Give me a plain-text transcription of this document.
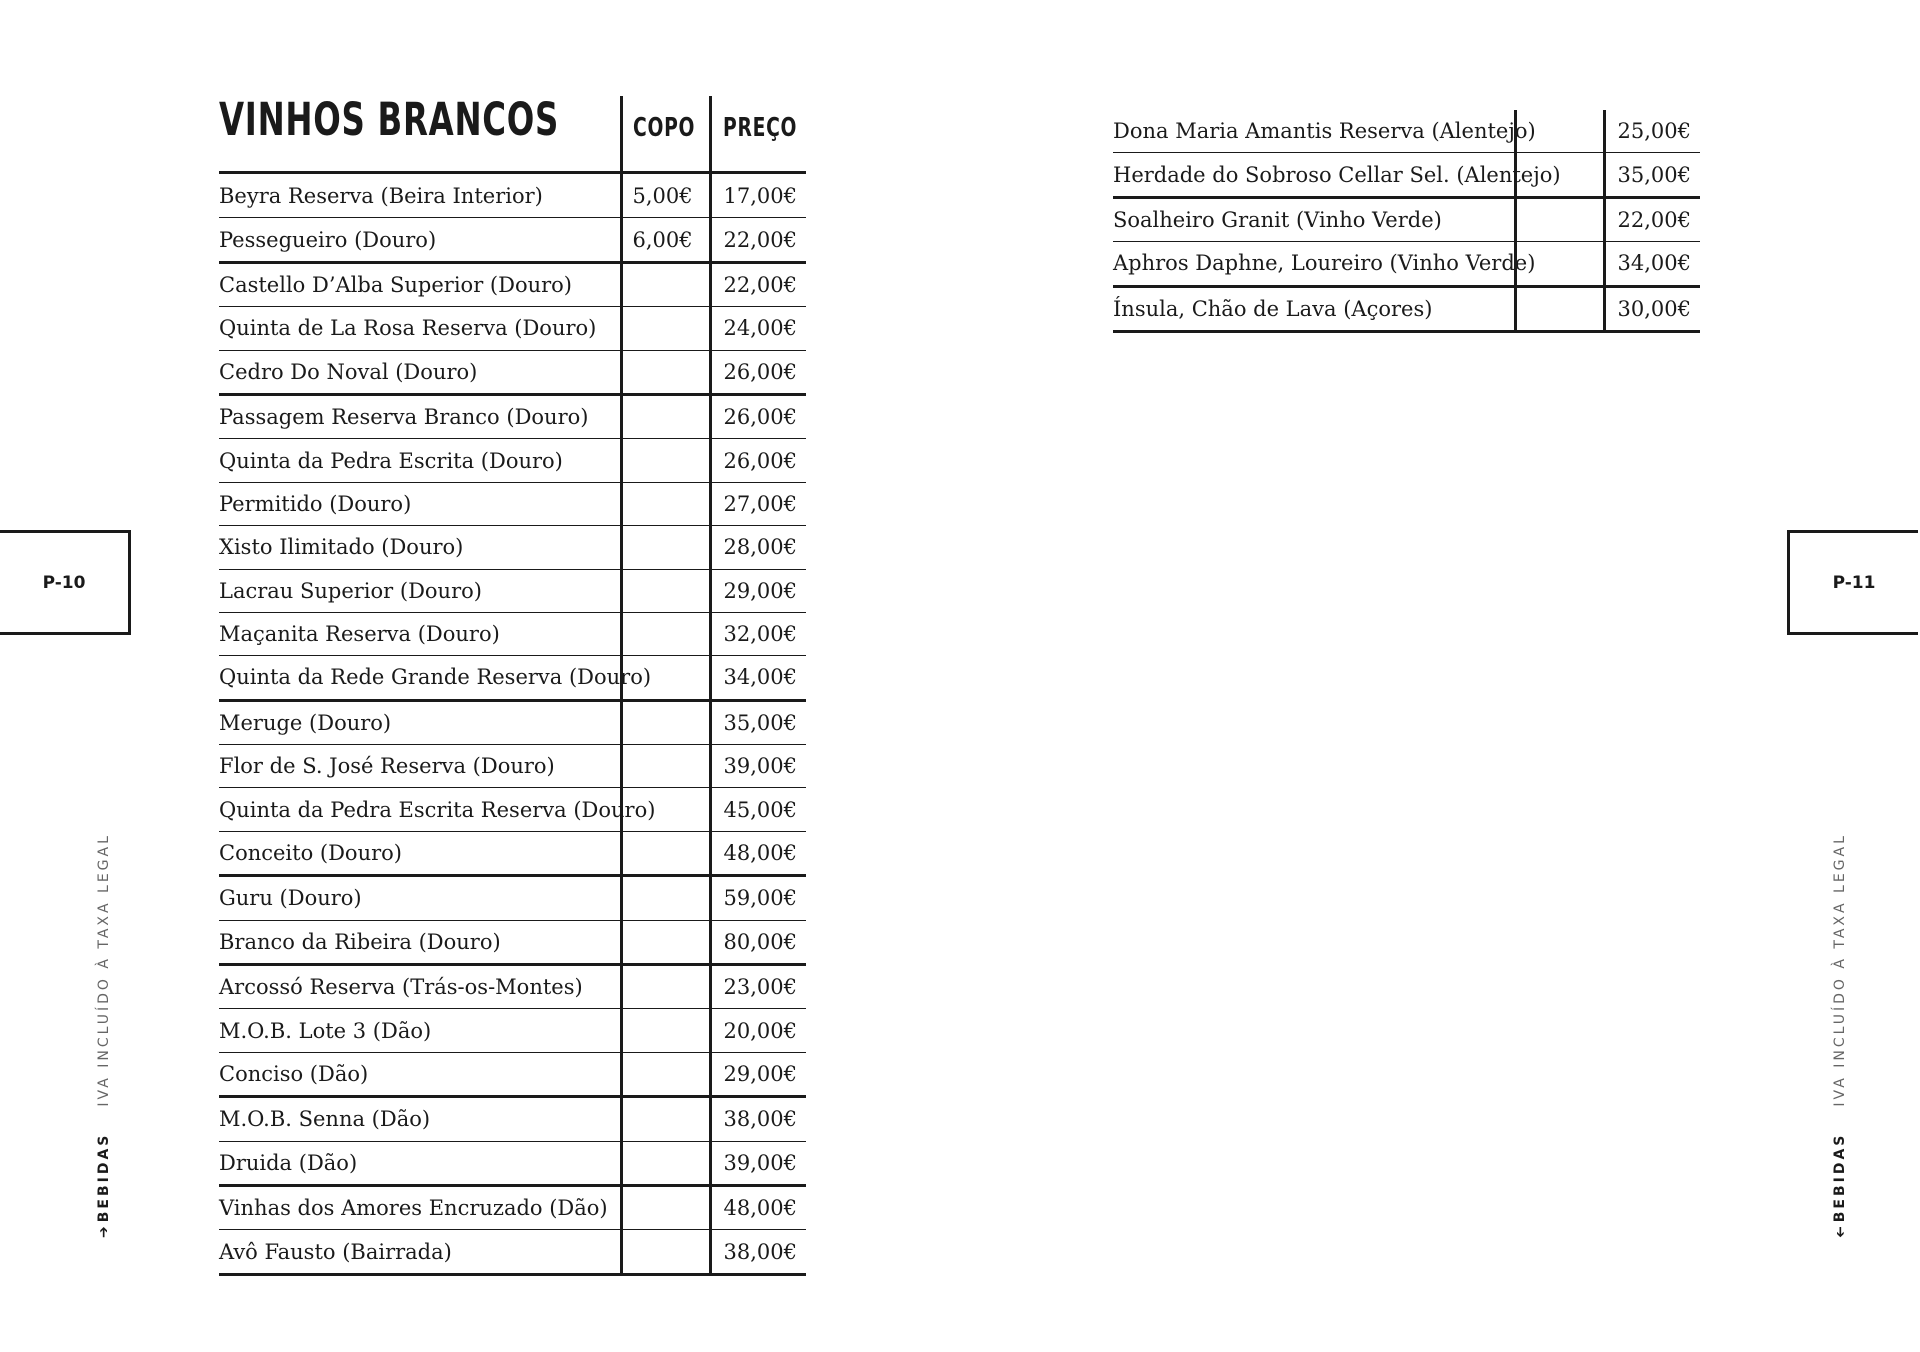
VINHOS BRANCOS	COPO PREÇO
Beyra Reserva (Beira Interior)	5,00€	17,00€
Pessegueiro (Douro)	6,00€	22,00€
Castello D’Alba Superior (Douro)		22,00€
Quinta de La Rosa Reserva (Douro)		24,00€
Cedro Do Noval (Douro)		26,00€
Passagem Reserva Branco (Douro)		26,00€
Quinta da Pedra Escrita (Douro)		26,00€
Permitido (Douro)		27,00€
Xisto Ilimitado (Douro)		28,00€
Lacrau Superior (Douro)		29,00€
Maçanita Reserva (Douro)		32,00€
Quinta da Rede Grande Reserva (Douro)		34,00€
Meruge (Douro)		35,00€
Flor de S. José Reserva (Douro)		39,00€
Quinta da Pedra Escrita Reserva (Douro)		45,00€
Conceito (Douro)		48,00€
Guru (Douro)		59,00€
Branco da Ribeira (Douro)		80,00€
Arcossó Reserva (Trás-os-Montes)		23,00€
M.O.B. Lote 3 (Dão)		20,00€
Conciso (Dão)		29,00€
M.O.B. Senna (Dão)		38,00€
Druida (Dão)		39,00€
Vinhas dos Amores Encruzado (Dão)		48,00€
Avô Fausto (Bairrada)		38,00€
P-10
➔BEBIDASIVA INCLUÍDO À TAXA LEGAL
Dona Maria Amantis Reserva (Alentejo)		25,00€
Herdade do Sobroso Cellar Sel. (Alentejo)		35,00€
Soalheiro Granit (Vinho Verde)		22,00€
Aphros Daphne, Loureiro (Vinho Verde)		34,00€
Ínsula, Chão de Lava (Açores)		30,00€
P-11
➔BEBIDASIVA INCLUÍDO À TAXA LEGAL
